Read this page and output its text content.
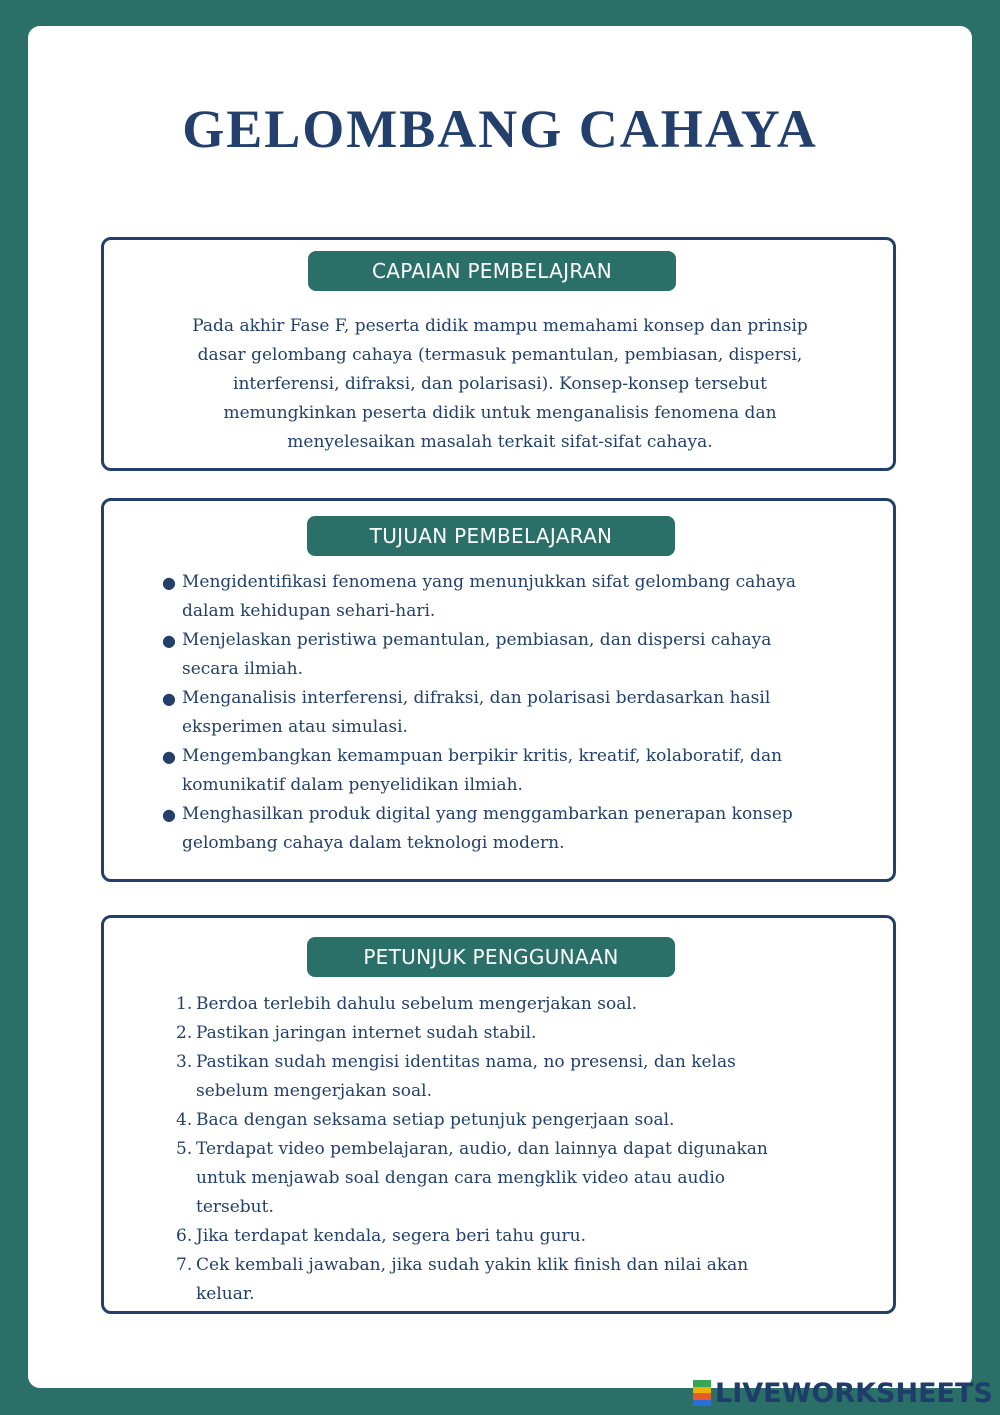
GELOMBANG CAHAYA
CAPAIAN PEMBELAJRAN
Pada akhir Fase F, peserta didik mampu memahami konsep dan prinsip
dasar gelombang cahaya (termasuk pemantulan, pembiasan, dispersi,
interferensi, difraksi, dan polarisasi). Konsep-konsep tersebut
memungkinkan peserta didik untuk menganalisis fenomena dan
menyelesaikan masalah terkait sifat-sifat cahaya.
TUJUAN PEMBELAJARAN
● Mengidentifikasi fenomena yang menunjukkan sifat gelombang cahaya
dalam kehidupan sehari-hari.
● Menjelaskan peristiwa pemantulan, pembiasan, dan dispersi cahaya
secara ilmiah.
● Menganalisis interferensi, difraksi, dan polarisasi berdasarkan hasil
eksperimen atau simulasi.
● Mengembangkan kemampuan berpikir kritis, kreatif, kolaboratif, dan
komunikatif dalam penyelidikan ilmiah.
● Menghasilkan produk digital yang menggambarkan penerapan konsep
gelombang cahaya dalam teknologi modern.
PETUNJUK PENGGUNAAN
1. Berdoa terlebih dahulu sebelum mengerjakan soal.
2. Pastikan jaringan internet sudah stabil.
3. Pastikan sudah mengisi identitas nama, no presensi, dan kelas
sebelum mengerjakan soal.
4. Baca dengan seksama setiap petunjuk pengerjaan soal.
5. Terdapat video pembelajaran, audio, dan lainnya dapat digunakan
untuk menjawab soal dengan cara mengklik video atau audio
tersebut.
6. Jika terdapat kendala, segera beri tahu guru.
7. Cek kembali jawaban, jika sudah yakin klik finish dan nilai akan
keluar.
LIVEWORKSHEETS
